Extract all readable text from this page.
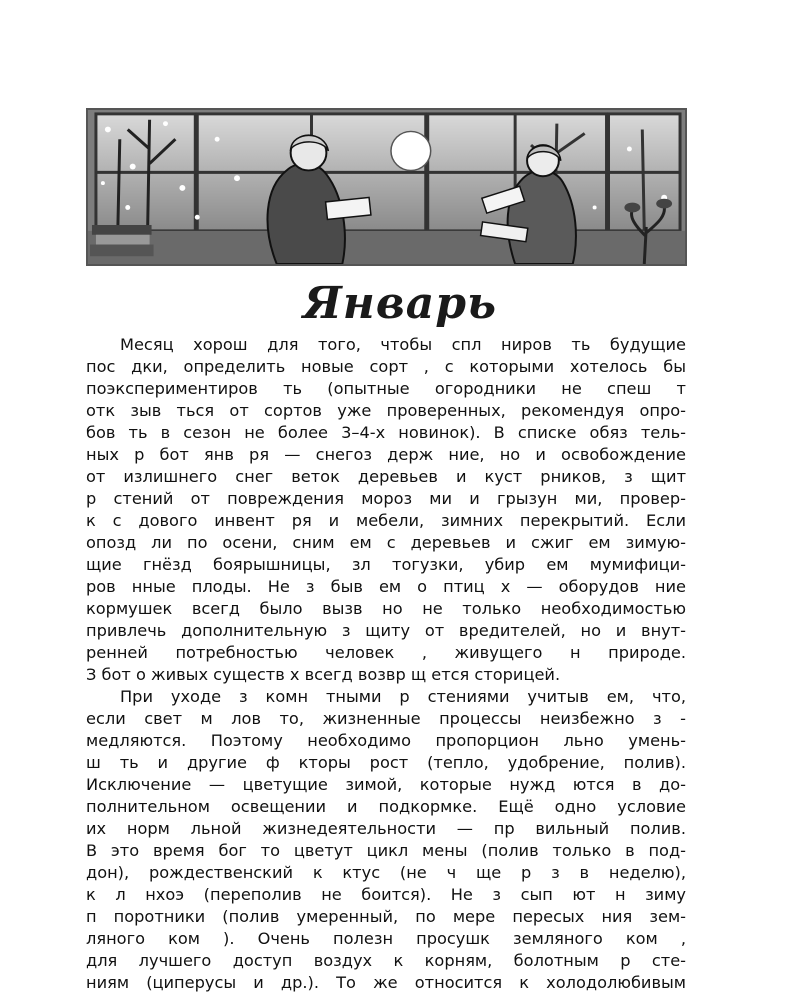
Январь
Месяц хорош для того, чтобы спл ниров ть будущие
пос дки, определить новые сорт , с которыми хотелось бы
поэкспериментиров ть (опытные огородники не спеш т
отк зыв ться от сортов уже проверенных, рекомендуя опро-
бов ть в сезон не более 3–4-х новинок). В списке обяз тель-
ных р бот янв ря — снегоз держ ние, но и освобождение
от излишнего снег веток деревьев и куст рников, з щит
р стений от повреждения мороз ми и грызун ми, провер-
к с дового инвент ря и мебели, зимних перекрытий. Если
опозд ли по осени, сним ем с деревьев и сжиг ем зимую-
щие гнёзд боярышницы, зл тогузки, убир ем мумифици-
ров нные плоды. Не з быв ем о птиц х — оборудов ние
кормушек всегд было вызв но не только необходимостью
привлечь дополнительную з щиту от вредителей, но и внут-
ренней потребностью человек , живущего н природе.
З бот о живых существ х всегд возвр щ ется сторицей.
При уходе з комн тными р стениями учитыв ем, что,
если свет м лов то, жизненные процессы неизбежно з -
медляются. Поэтому необходимо пропорцион льно умень-
ш ть и другие ф кторы рост (тепло, удобрение, полив).
Исключение — цветущие зимой, которые нужд ются в до-
полнительном освещении и подкормке. Ещё одно условие
их норм льной жизнедеятельности — пр вильный полив.
В это время бог то цветут цикл мены (полив только в под-
дон), рождественский к ктус (не ч ще р з в неделю),
к л нхоэ (переполив не боится). Не з сып ют н зиму
п поротники (полив умеренный, по мере пересых ния зем-
ляного ком ). Очень полезн просушк земляного ком ,
для лучшего доступ воздух к корням, болотным р сте-
ниям (циперусы и др.). То же относится к холодолюбивым
